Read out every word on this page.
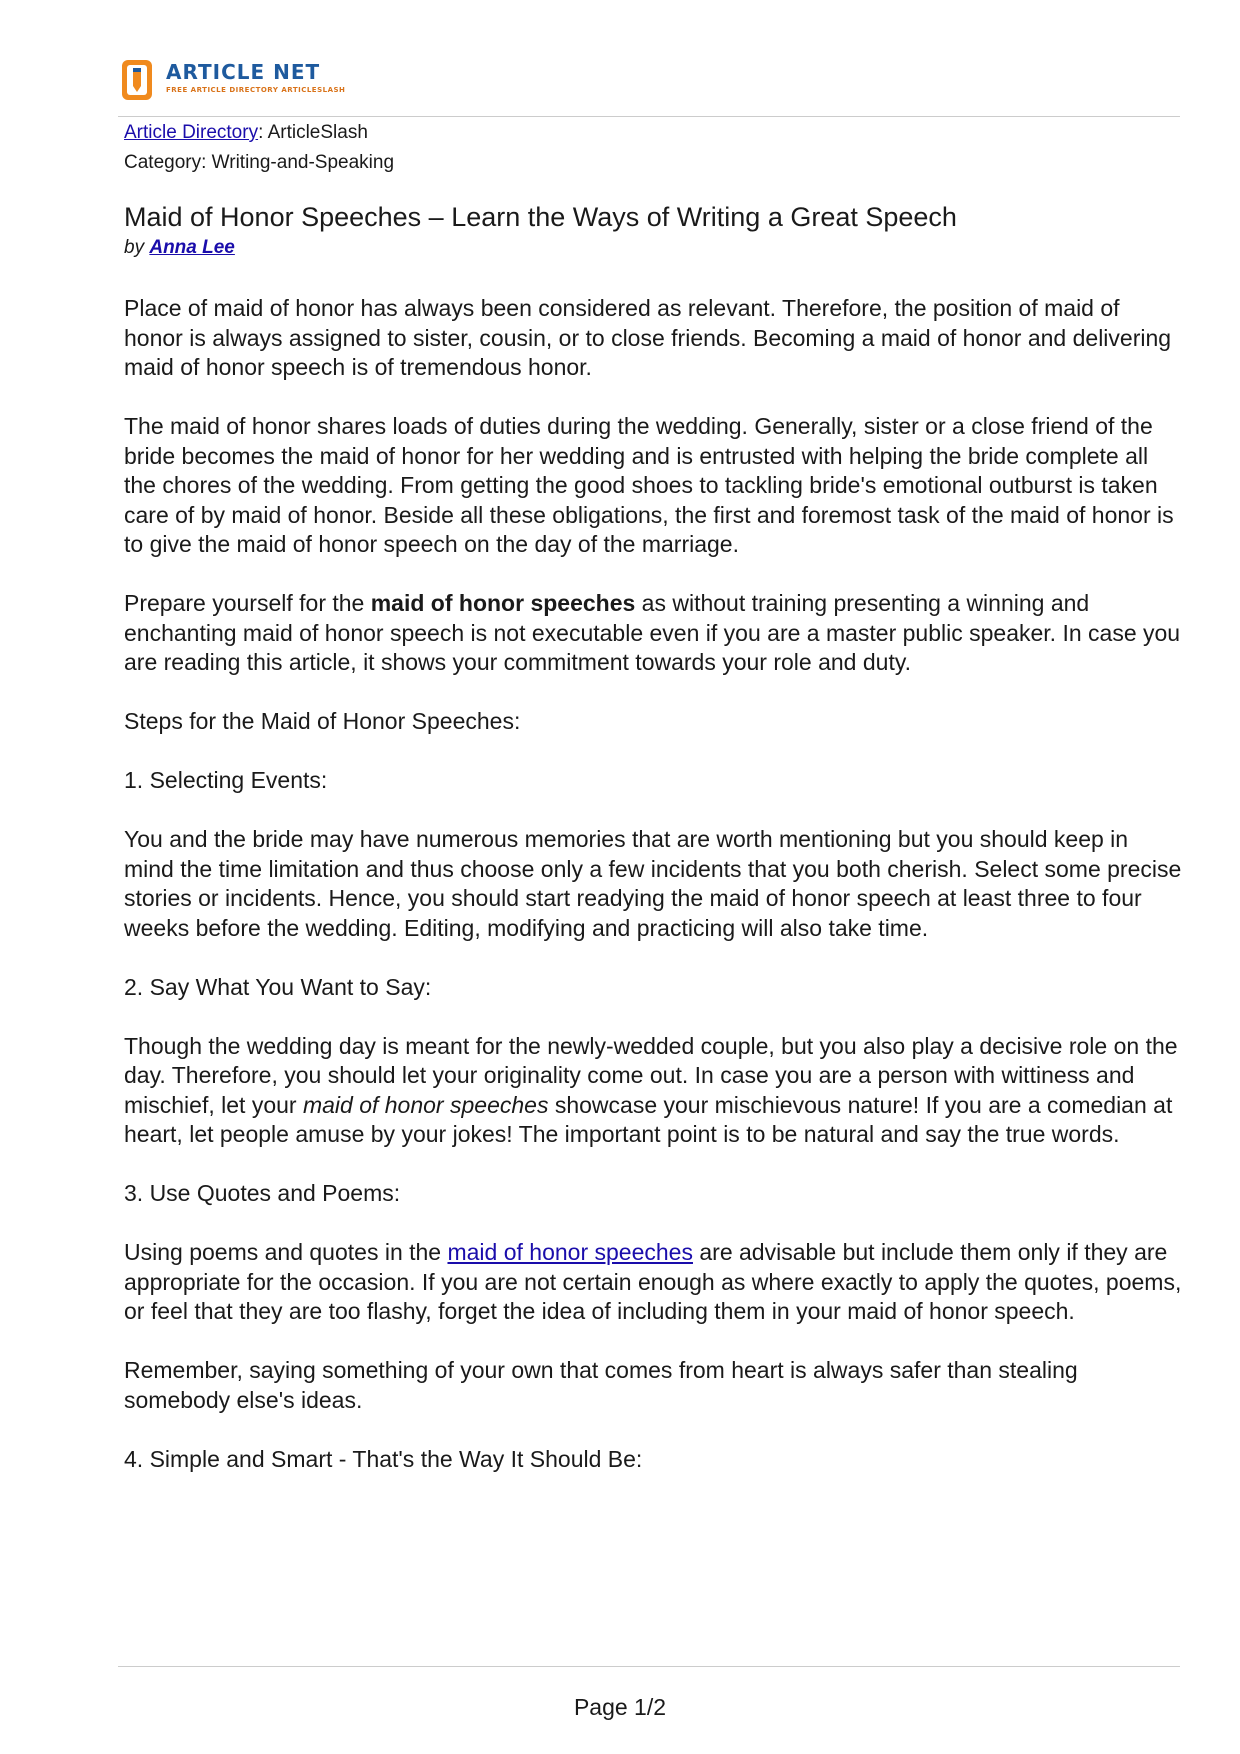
ARTICLE NET
FREE ARTICLE DIRECTORY ARTICLESLASH
Article Directory: ArticleSlash
Category: Writing-and-Speaking
Maid of Honor Speeches – Learn the Ways of Writing a Great Speech
by Anna Lee

Place of maid of honor has always been considered as relevant. Therefore, the position of maid of honor is always assigned to sister, cousin, or to close friends. Becoming a maid of honor and delivering maid of honor speech is of tremendous honor.

The maid of honor shares loads of duties during the wedding. Generally, sister or a close friend of the bride becomes the maid of honor for her wedding and is entrusted with helping the bride complete all the chores of the wedding. From getting the good shoes to tackling bride's emotional outburst is taken care of by maid of honor. Beside all these obligations, the first and foremost task of the maid of honor is to give the maid of honor speech on the day of the marriage.

Prepare yourself for the maid of honor speeches as without training presenting a winning and enchanting maid of honor speech is not executable even if you are a master public speaker. In case you are reading this article, it shows your commitment towards your role and duty.

Steps for the Maid of Honor Speeches:

1. Selecting Events:

You and the bride may have numerous memories that are worth mentioning but you should keep in mind the time limitation and thus choose only a few incidents that you both cherish. Select some precise stories or incidents. Hence, you should start readying the maid of honor speech at least three to four weeks before the wedding. Editing, modifying and practicing will also take time.

2. Say What You Want to Say:

Though the wedding day is meant for the newly-wedded couple, but you also play a decisive role on the day. Therefore, you should let your originality come out. In case you are a person with wittiness and mischief, let your maid of honor speeches showcase your mischievous nature! If you are a comedian at heart, let people amuse by your jokes! The important point is to be natural and say the true words.

3. Use Quotes and Poems:

Using poems and quotes in the maid of honor speeches are advisable but include them only if they are appropriate for the occasion. If you are not certain enough as where exactly to apply the quotes, poems, or feel that they are too flashy, forget the idea of including them in your maid of honor speech.

Remember, saying something of your own that comes from heart is always safer than stealing somebody else's ideas.

4. Simple and Smart - That's the Way It Should Be:

Page 1/2
